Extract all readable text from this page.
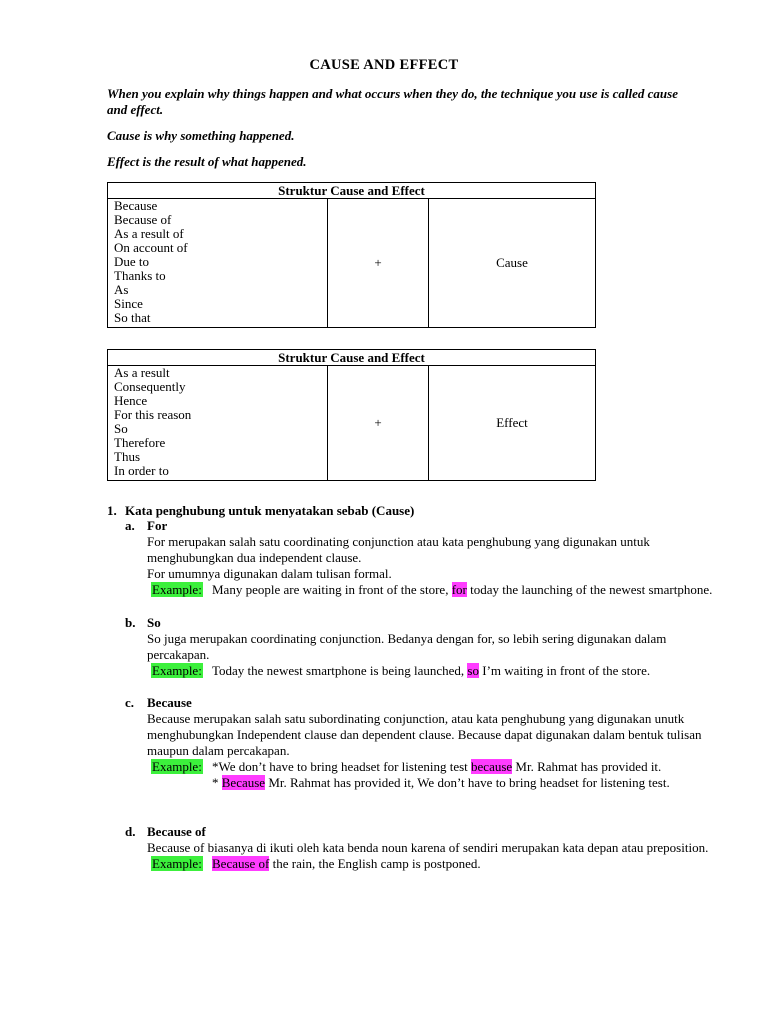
CAUSE AND EFFECT

When you explain why things happen and what occurs when they do, the technique you use is called cause and effect.

Cause is why something happened.

Effect is the result of what happened.

Struktur Cause and Effect

Because
Because of
As a result of
On account of
Due to
Thanks to
As
Since
So that
	+	Cause
Struktur Cause and Effect

As a result
Consequently
Hence
For this reason
So
Therefore
Thus
In order to
	+	Effect
1. Kata penghubung untuk menyatakan sebab (Cause)
a. For
For merupakan salah satu coordinating conjunction atau kata penghubung yang digunakan untuk menghubungkan dua independent clause.
For umumnya digunakan dalam tulisan formal.
Example: Many people are waiting in front of the store, for today the launching of the newest smartphone.
b. So
So juga merupakan coordinating conjunction. Bedanya dengan for, so lebih sering digunakan dalam percakapan.
Example: Today the newest smartphone is being launched, so I’m waiting in front of the store.
c. Because
Because merupakan salah satu subordinating conjunction, atau kata penghubung yang digunakan unutk menghubungkan Independent clause dan dependent clause. Because dapat digunakan dalam bentuk tulisan maupun dalam percakapan.
Example: *We don’t have to bring headset for listening test because Mr. Rahmat has provided it.
* Because Mr. Rahmat has provided it, We don’t have to bring headset for listening test.
d. Because of
Because of biasanya di ikuti oleh kata benda noun karena of sendiri merupakan kata depan atau preposition.
Example: Because of the rain, the English camp is postponed.
